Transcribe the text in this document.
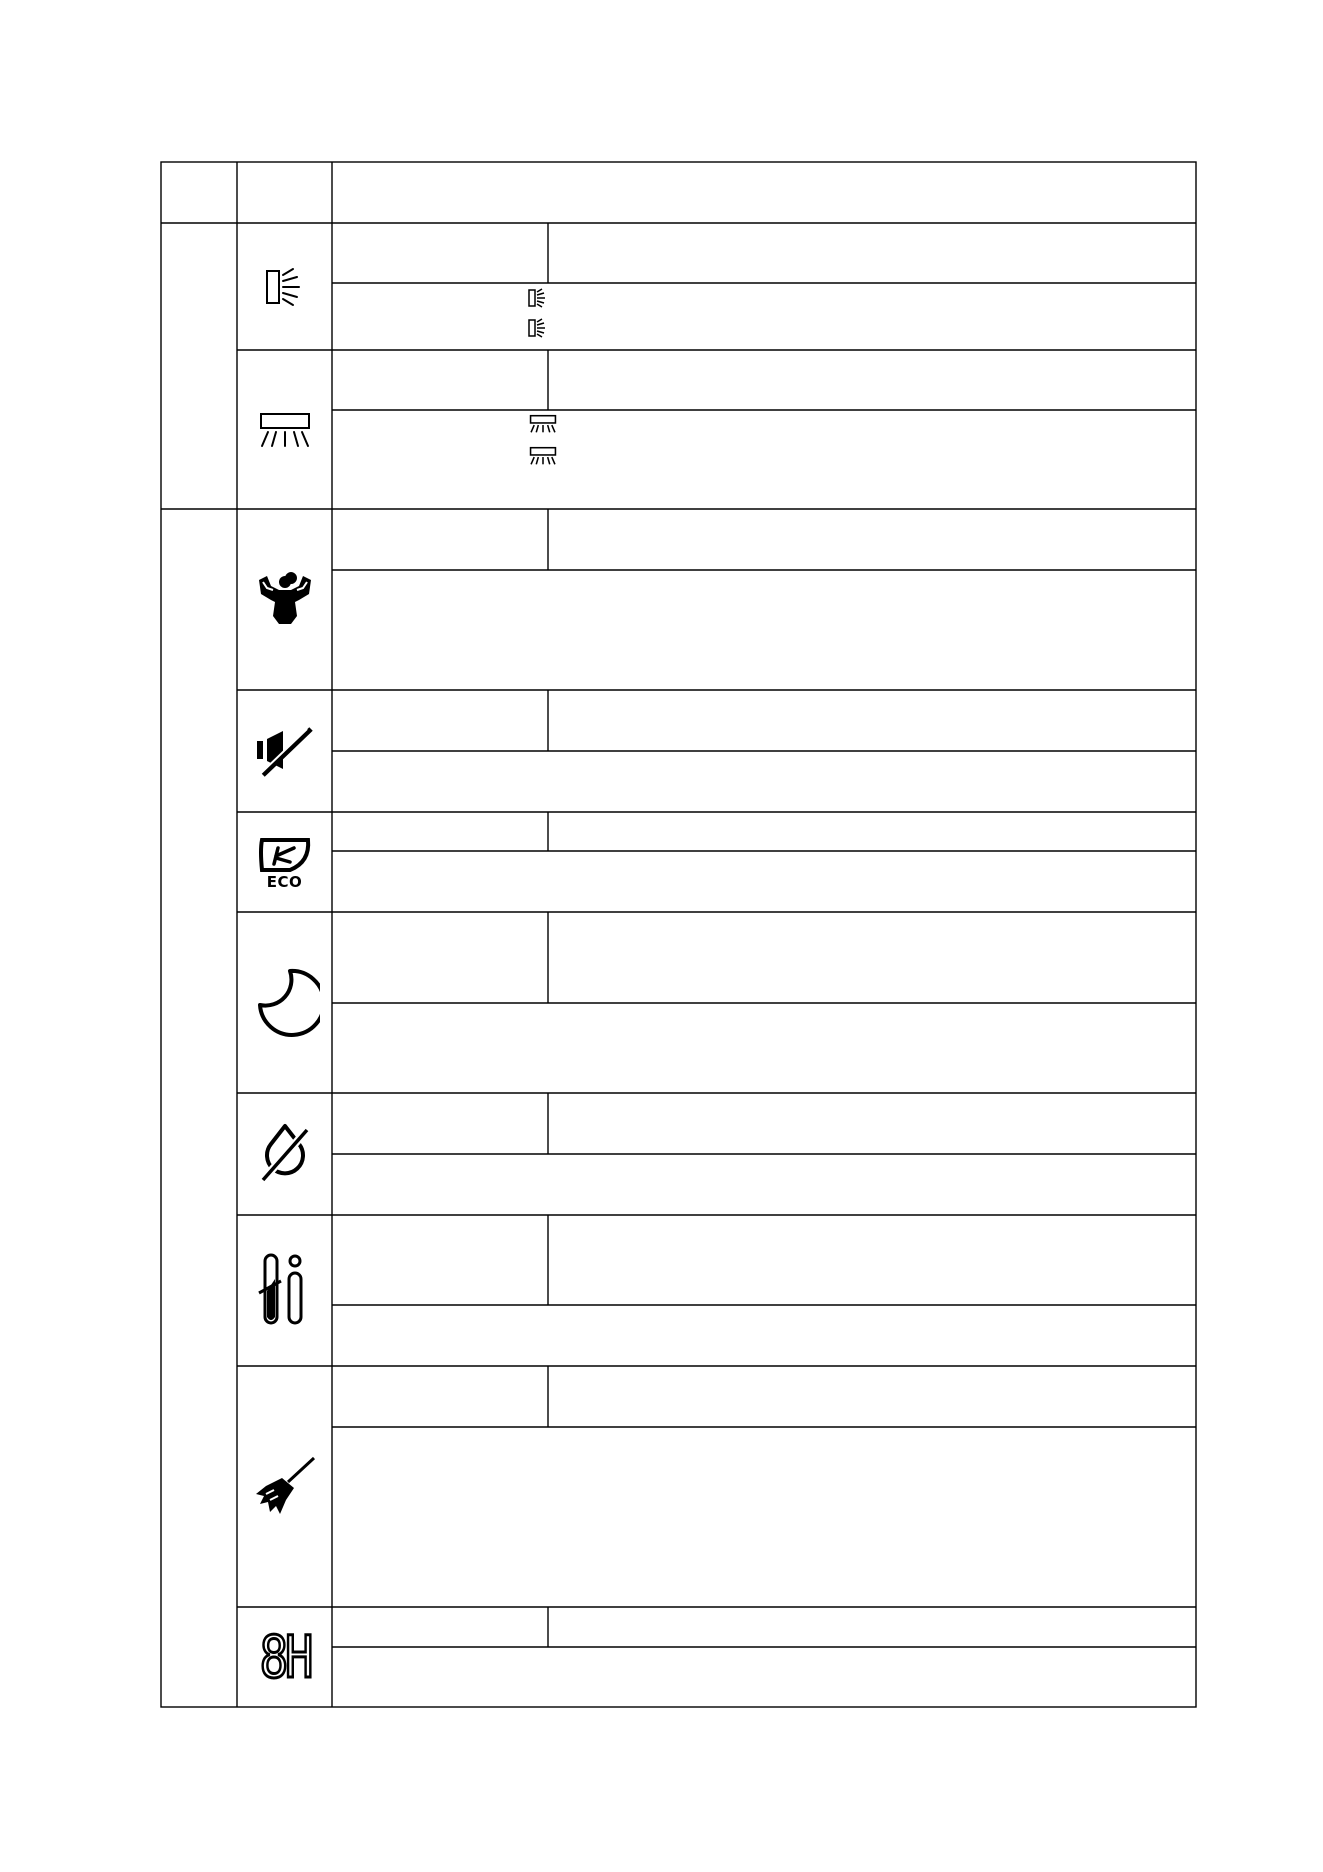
ECO
8H
